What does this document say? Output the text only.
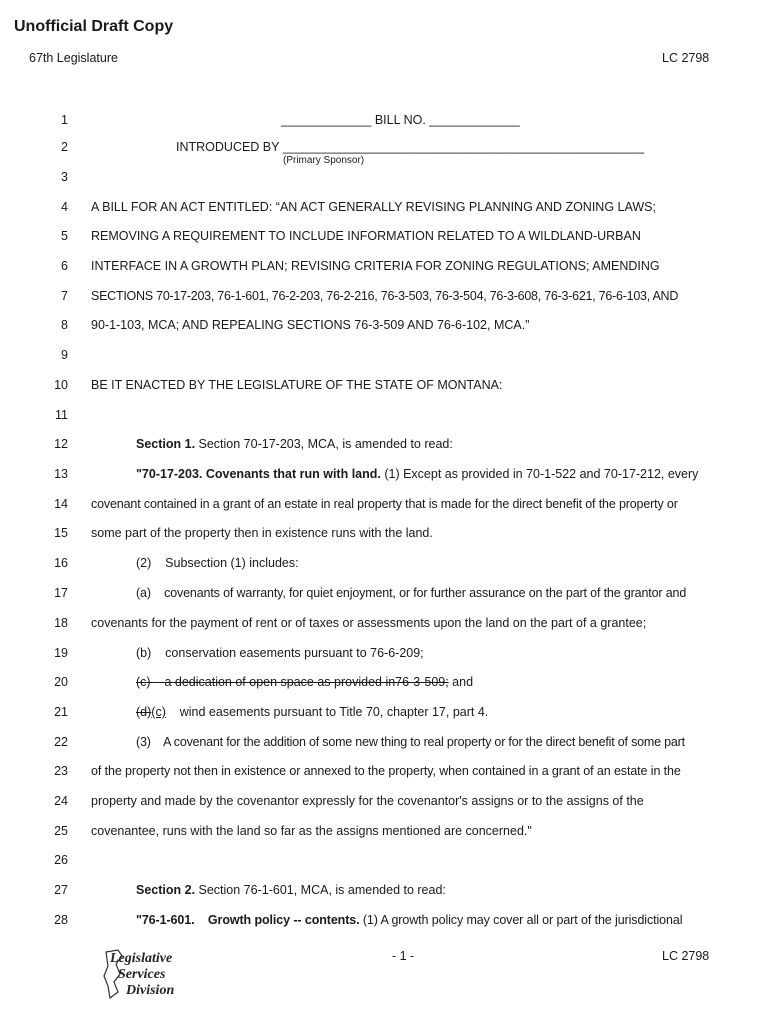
Unofficial Draft Copy
67th Legislature	LC 2798
1
2
3
4
5
6
7
8
9
10
11
12
13
14
15
16
17
18
19
20
21
22
23
24
25
26
27
28
_____________ BILL NO. _____________
INTRODUCED BY ____________________________________________________
(Primary Sponsor)
A BILL FOR AN ACT ENTITLED: “AN ACT GENERALLY REVISING PLANNING AND ZONING LAWS;
REMOVING A REQUIREMENT TO INCLUDE INFORMATION RELATED TO A WILDLAND-URBAN
INTERFACE IN A GROWTH PLAN; REVISING CRITERIA FOR ZONING REGULATIONS; AMENDING
SECTIONS 70-17-203, 76-1-601, 76-2-203, 76-2-216, 76-3-503, 76-3-504, 76-3-608, 76-3-621, 76-6-103, AND
90-1-103, MCA; AND REPEALING SECTIONS 76-3-509 AND 76-6-102, MCA.”
BE IT ENACTED BY THE LEGISLATURE OF THE STATE OF MONTANA:
Section 1. Section 70-17-203, MCA, is amended to read:
"70-17-203. Covenants that run with land. (1) Except as provided in 70-1-522 and 70-17-212, every
covenant contained in a grant of an estate in real property that is made for the direct benefit of the property or
some part of the property then in existence runs with the land.
(2)    Subsection (1) includes:
(a)    covenants of warranty, for quiet enjoyment, or for further assurance on the part of the grantor and
covenants for the payment of rent or of taxes or assessments upon the land on the part of a grantee;
(b)    conservation easements pursuant to 76-6-209;
(c)    a dedication of open space as provided in76-3-509; and
(d)(c)    wind easements pursuant to Title 70, chapter 17, part 4.
(3)    A covenant for the addition of some new thing to real property or for the direct benefit of some part
of the property not then in existence or annexed to the property, when contained in a grant of an estate in the
property and made by the covenantor expressly for the covenantor's assigns or to the assigns of the
covenantee, runs with the land so far as the assigns mentioned are concerned."
Section 2. Section 76-1-601, MCA, is amended to read:
"76-1-601.    Growth policy -- contents. (1) A growth policy may cover all or part of the jurisdictional
Legislative
Services
Division
- 1 -	LC 2798
